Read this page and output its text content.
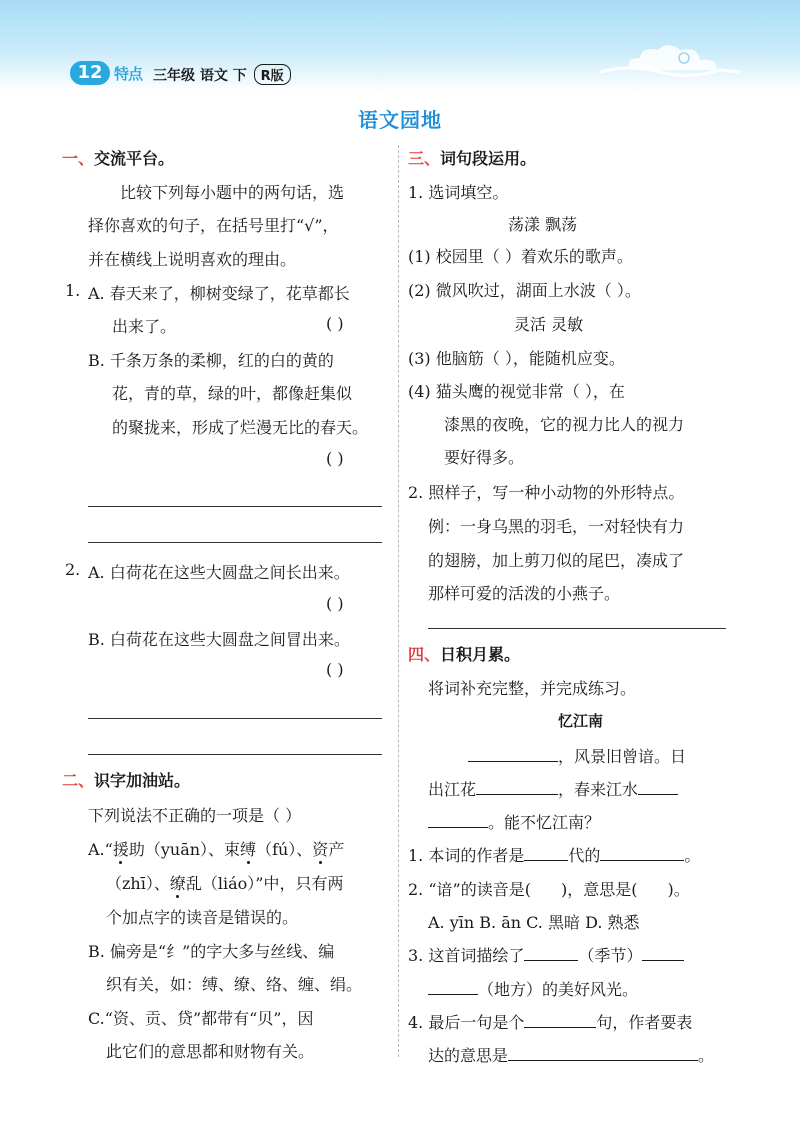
12 特点 三年级 语文 下 R版
语文园地
一、交流平台。
比较下列每小题中的两句话，选
择你喜欢的句子，在括号里打“√”，
并在横线上说明喜欢的理由。
1. A. 春天来了，柳树变绿了，花草都长
出来了。	( )
B. 千条万条的柔柳，红的白的黄的
花，青的草，绿的叶，都像赶集似
的聚拢来，形成了烂漫无比的春天。
( )
2. A. 白荷花在这些大圆盘之间长出来。
( )
B. 白荷花在这些大圆盘之间冒出来。
( )
二、识字加油站。
下列说法不正确的一项是（ ）
A.“援助（yuān）、束缚（fú）、资产
（zhī）、缭乱（liáo）”中，只有两
个加点字的读音是错误的。
B. 偏旁是“纟”的字大多与丝线、编
织有关，如：缚、缭、络、缠、绢。
C.“资、贡、贷”都带有“贝”，因
此它们的意思都和财物有关。
三、词句段运用。
1. 选词填空。
荡漾 飘荡
(1) 校园里（ ）着欢乐的歌声。
(2) 微风吹过，湖面上水波（ ）。
灵活 灵敏
(3) 他脑筋（ ），能随机应变。
(4) 猫头鹰的视觉非常（ ），在
漆黑的夜晚，它的视力比人的视力
要好得多。
2. 照样子，写一种小动物的外形特点。
例：一身乌黑的羽毛，一对轻快有力
的翅膀，加上剪刀似的尾巴，凑成了
那样可爱的活泼的小燕子。
四、日积月累。
将词补充完整，并完成练习。
忆江南
，风景旧曾谙。日
出江花	，春来江水
。能不忆江南？
1. 本词的作者是	代的	。
2. “谙”的读音是( )，意思是( )。
A. yīn B. ān C. 黑暗 D. 熟悉
3. 这首词描绘了	（季节）
（地方）的美好风光。
4. 最后一句是个	句，作者要表
达的意思是	。
